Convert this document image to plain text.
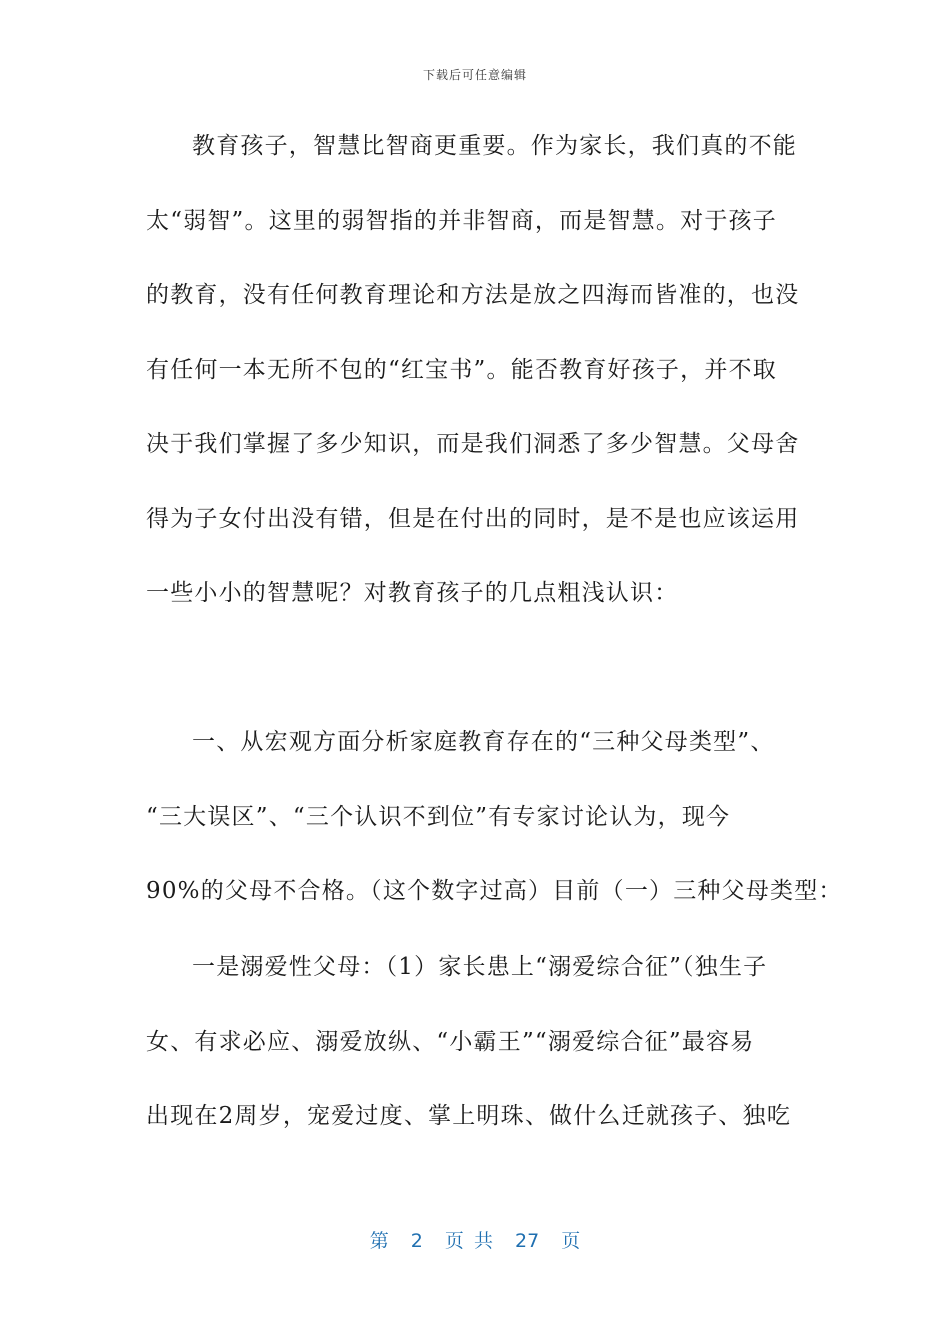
下载后可任意编辑
教育孩子，智慧比智商更重要。作为家长，我们真的不能
太“弱智”。这里的弱智指的并非智商，而是智慧。对于孩子
的教育，没有任何教育理论和方法是放之四海而皆准的，也没
有任何一本无所不包的“红宝书”。能否教育好孩子，并不取
决于我们掌握了多少知识，而是我们洞悉了多少智慧。父母舍
得为子女付出没有错，但是在付出的同时，是不是也应该运用
一些小小的智慧呢？对教育孩子的几点粗浅认识：
一、从宏观方面分析家庭教育存在的“三种父母类型”、
“三大误区”、“三个认识不到位”有专家讨论认为，现今
90%的父母不合格。（这个数字过高）目前（一）三种父母类型：
一是溺爱性父母：（1）家长患上“溺爱综合征”（独生子
女、有求必应、溺爱放纵、“小霸王”“溺爱综合征”最容易
出现在2周岁，宠爱过度、掌上明珠、做什么迁就孩子、独吃
第 2 页 共 27 页
